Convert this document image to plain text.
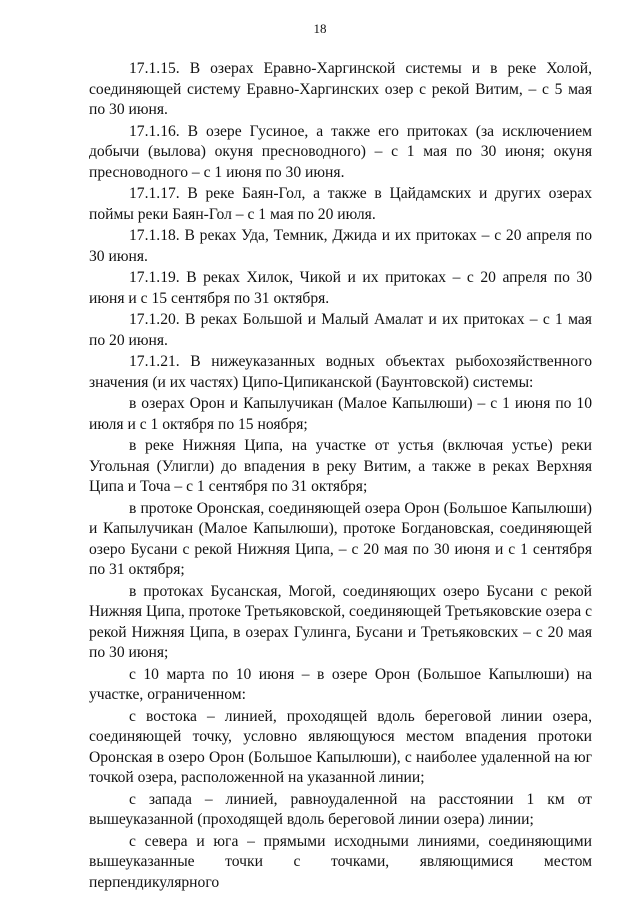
18

17.1.15. В озерах Еравно-Харгинской системы и в реке Холой, соединяющей систему Еравно-Харгинских озер с рекой Витим, – с 5 мая по 30 июня.

17.1.16. В озере Гусиное, а также его притоках (за исключением добычи (вылова) окуня пресноводного) – с 1 мая по 30 июня; окуня пресноводного – с 1 июня по 30 июня.

17.1.17. В реке Баян-Гол, а также в Цайдамских и других озерах поймы реки Баян-Гол – с 1 мая по 20 июля.

17.1.18. В реках Уда, Темник, Джида и их притоках – с 20 апреля по 30 июня.

17.1.19. В реках Хилок, Чикой и их притоках – с 20 апреля по 30 июня и с 15 сентября по 31 октября.

17.1.20. В реках Большой и Малый Амалат и их притоках – с 1 мая по 20 июня.

17.1.21. В нижеуказанных водных объектах рыбохозяйственного значения (и их частях) Ципо-Ципиканской (Баунтовской) системы:

в озерах Орон и Капылучикан (Малое Капылюши) – с 1 июня по 10 июля и с 1 октября по 15 ноября;

в реке Нижняя Ципа, на участке от устья (включая устье) реки Угольная (Улигли) до впадения в реку Витим, а также в реках Верхняя Ципа и Точа – с 1 сентября по 31 октября;

в протоке Оронская, соединяющей озера Орон (Большое Капылюши) и Капылучикан (Малое Капылюши), протоке Богдановская, соединяющей озеро Бусани с рекой Нижняя Ципа, – с 20 мая по 30 июня и с 1 сентября по 31 октября;

в протоках Бусанская, Могой, соединяющих озеро Бусани с рекой Нижняя Ципа, протоке Третьяковской, соединяющей Третьяковские озера с рекой Нижняя Ципа, в озерах Гулинга, Бусани и Третьяковских – с 20 мая по 30 июня;

с 10 марта по 10 июня – в озере Орон (Большое Капылюши) на участке, ограниченном:

с востока – линией, проходящей вдоль береговой линии озера, соединяющей точку, условно являющуюся местом впадения протоки Оронская в озеро Орон (Большое Капылюши), с наиболее удаленной на юг точкой озера, расположенной на указанной линии;

с запада – линией, равноудаленной на расстоянии 1 км от вышеуказанной (проходящей вдоль береговой линии озера) линии;

с севера и юга – прямыми исходными линиями, соединяющими вышеуказанные точки с точками, являющимися местом перпендикулярного
